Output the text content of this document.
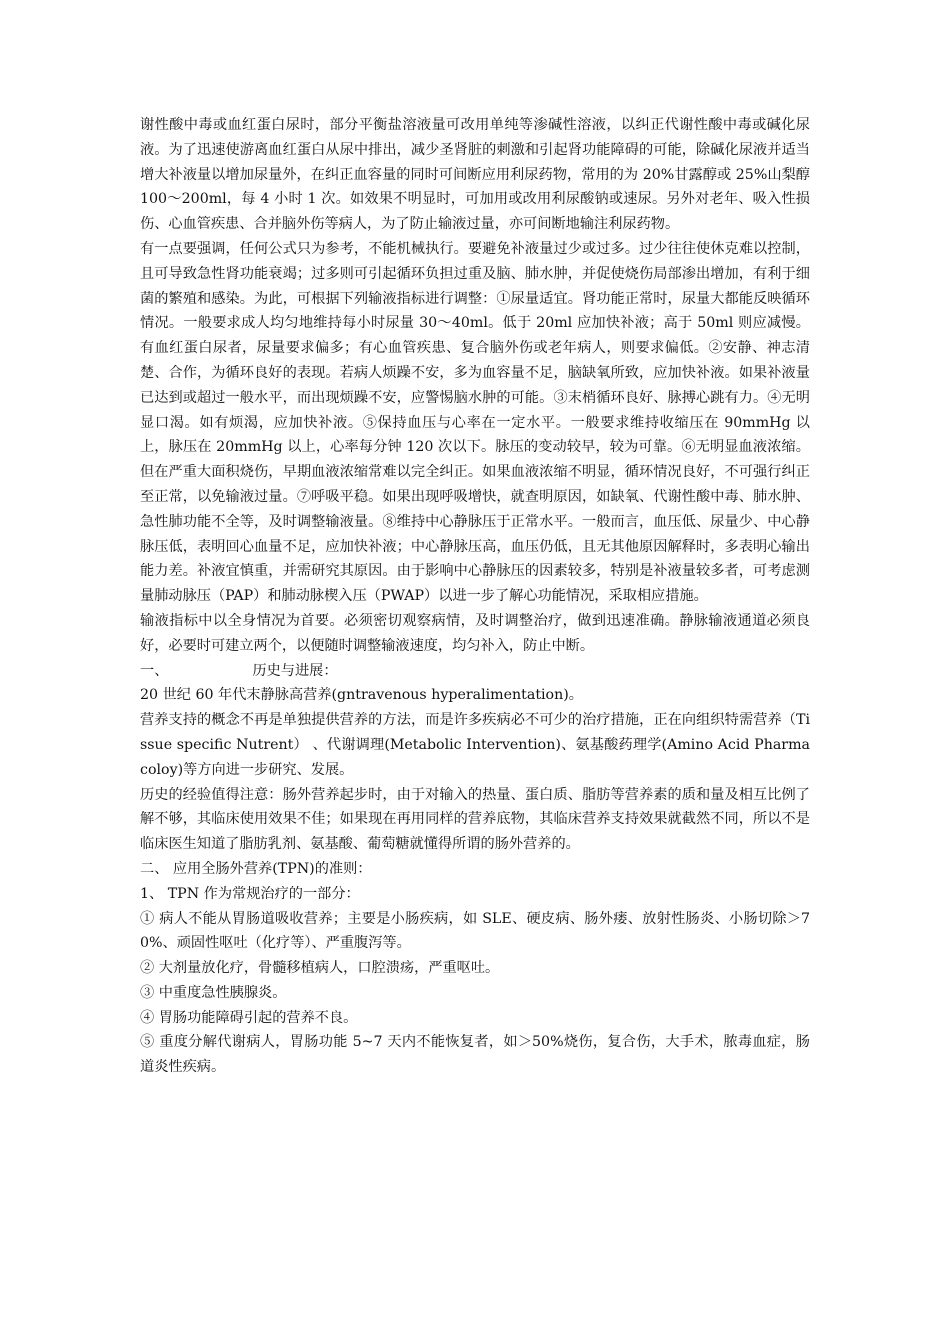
谢性酸中毒或血红蛋白尿时，部分平衡盐溶液量可改用单纯等渗碱性溶液，以纠正代谢性酸中毒或碱化尿液。为了迅速使游离血红蛋白从尿中排出，减少圣肾脏的刺激和引起肾功能障碍的可能，除碱化尿液并适当增大补液量以增加尿量外，在纠正血容量的同时可间断应用利尿药物，常用的为 20%甘露醇或 25%山梨醇 100～200ml，每 4 小时 1 次。如效果不明显时，可加用或改用利尿酸钠或速尿。另外对老年、吸入性损伤、心血管疾患、合并脑外伤等病人，为了防止输液过量，亦可间断地输注利尿药物。

有一点要强调，任何公式只为参考，不能机械执行。要避免补液量过少或过多。过少往往使休克难以控制，且可导致急性肾功能衰竭；过多则可引起循环负担过重及脑、肺水肿，并促使烧伤局部渗出增加，有利于细菌的繁殖和感染。为此，可根据下列输液指标进行调整：①尿量适宜。肾功能正常时，尿量大都能反映循环情况。一般要求成人均匀地维持每小时尿量 30～40ml。低于 20ml 应加快补液；高于 50ml 则应减慢。有血红蛋白尿者，尿量要求偏多；有心血管疾患、复合脑外伤或老年病人，则要求偏低。②安静、神志清楚、合作，为循环良好的表现。若病人烦躁不安，多为血容量不足，脑缺氧所致，应加快补液。如果补液量已达到或超过一般水平，而出现烦躁不安，应警惕脑水肿的可能。③末梢循环良好、脉搏心跳有力。④无明显口渴。如有烦渴，应加快补液。⑤保持血压与心率在一定水平。一般要求维持收缩压在 90mmHg 以上，脉压在 20mmHg 以上，心率每分钟 120 次以下。脉压的变动较早，较为可靠。⑥无明显血液浓缩。但在严重大面积烧伤，早期血液浓缩常难以完全纠正。如果血液浓缩不明显，循环情况良好，不可强行纠正至正常，以免输液过量。⑦呼吸平稳。如果出现呼吸增快，就查明原因，如缺氧、代谢性酸中毒、肺水肿、急性肺功能不全等，及时调整输液量。⑧维持中心静脉压于正常水平。一般而言，血压低、尿量少、中心静脉压低，表明回心血量不足，应加快补液；中心静脉压高，血压仍低，且无其他原因解释时，多表明心输出能力差。补液宜慎重，并需研究其原因。由于影响中心静脉压的因素较多，特别是补液量较多者，可考虑测量肺动脉压（PAP）和肺动脉楔入压（PWAP）以进一步了解心功能情况，采取相应措施。

输液指标中以全身情况为首要。必须密切观察病情，及时调整治疗，做到迅速准确。静脉输液通道必须良好，必要时可建立两个，以便随时调整输液速度，均匀补入，防止中断。

一、	历史与进展：

20 世纪 60 年代末静脉高营养(gntravenous hyperalimentation)。

营养支持的概念不再是单独提供营养的方法，而是许多疾病必不可少的治疗措施，正在向组织特需营养（Tissue specific Nutrent） 、代谢调理(Metabolic Intervention)、氨基酸药理学(Amino Acid Pharmacoloy)等方向进一步研究、发展。

历史的经验值得注意：肠外营养起步时，由于对输入的热量、蛋白质、脂肪等营养素的质和量及相互比例了解不够，其临床使用效果不佳；如果现在再用同样的营养底物，其临床营养支持效果就截然不同，所以不是临床医生知道了脂肪乳剂、氨基酸、葡萄糖就懂得所谓的肠外营养的。

二、 应用全肠外营养(TPN)的准则：

1、 TPN 作为常规治疗的一部分：

① 病人不能从胃肠道吸收营养；主要是小肠疾病，如 SLE、硬皮病、肠外瘘、放射性肠炎、小肠切除＞70%、顽固性呕吐（化疗等）、严重腹泻等。

② 大剂量放化疗，骨髓移植病人，口腔溃疡，严重呕吐。

③ 中重度急性胰腺炎。

④ 胃肠功能障碍引起的营养不良。

⑤ 重度分解代谢病人，胃肠功能 5~7 天内不能恢复者，如＞50%烧伤，复合伤，大手术，脓毒血症，肠道炎性疾病。
